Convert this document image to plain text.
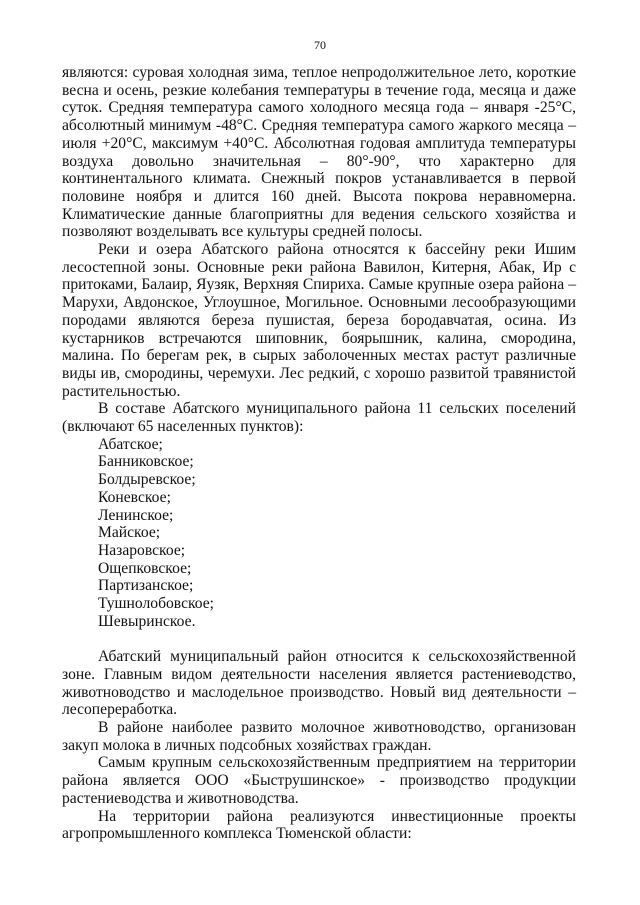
70

являются: суровая холодная зима, теплое непродолжительное лето, короткие весна и осень, резкие колебания температуры в течение года, месяца и даже суток. Средняя температура самого холодного месяца года – января -25°С, абсолютный минимум -48°С. Средняя температура самого жаркого месяца – июля +20°С, максимум +40°С. Абсолютная годовая амплитуда температуры воздуха довольно значительная – 80°-90°, что характерно для континентального климата. Снежный покров устанавливается в первой половине ноября и длится 160 дней. Высота покрова неравномерна. Климатические данные благоприятны для ведения сельского хозяйства и позволяют возделывать все культуры средней полосы.

Реки и озера Абатского района относятся к бассейну реки Ишим лесостепной зоны. Основные реки района Вавилон, Китерня, Абак, Ир с притоками, Балаир, Яузяк, Верхняя Спириха. Самые крупные озера района – Марухи, Авдонское, Углоушное, Могильное. Основными лесообразующими породами являются береза пушистая, береза бородавчатая, осина. Из кустарников встречаются шиповник, боярышник, калина, смородина, малина. По берегам рек, в сырых заболоченных местах растут различные виды ив, смородины, черемухи. Лес редкий, с хорошо развитой травянистой растительностью.

В составе Абатского муниципального района 11 сельских поселений (включают 65 населенных пунктов):

Абатское;
Банниковское;
Болдыревское;
Коневское;
Ленинское;
Майское;
Назаровское;
Ощепковское;
Партизанское;
Тушнолобовское;
Шевыринское.

Абатский муниципальный район относится к сельскохозяйственной зоне. Главным видом деятельности населения является растениеводство, животноводство и маслодельное производство. Новый вид деятельности – лесопереработка.

В районе наиболее развито молочное животноводство, организован закуп молока в личных подсобных хозяйствах граждан.

Самым крупным сельскохозяйственным предприятием на территории района является ООО «Быструшинское» - производство продукции растениеводства и животноводства.

На территории района реализуются инвестиционные проекты агропромышленного комплекса Тюменской области:
